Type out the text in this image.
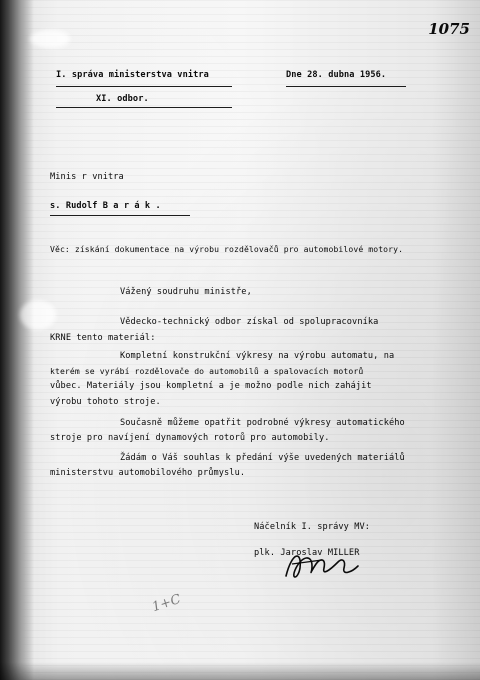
1075
I. správa ministerstva vnitra	Dne 28. dubna 1956.
XI. odbor.
Minis r vnitra
s. Rudolf B a r á k .
Věc: získání dokumentace na výrobu rozdělovačů pro automobilové motory.
Vážený soudruhu ministře,
Vědecko-technický odbor získal od spolupracovníka
KRNE tento materiál:
Kompletní konstrukční výkresy na výrobu automatu, na
kterém se vyrábí rozdělovače do automobilů a spalovacích motorů
vůbec. Materiály jsou kompletní a je možno podle nich zahájit
výrobu tohoto stroje.
Současně můžeme opatřit podrobné výkresy automatického
stroje pro navíjení dynamových rotorů pro automobily.
Žádám o Váš souhlas k předání výše uvedených materiálů
ministerstvu automobilového průmyslu.
Náčelník I. správy MV:
plk. Jaroslav MILLER
1+C
